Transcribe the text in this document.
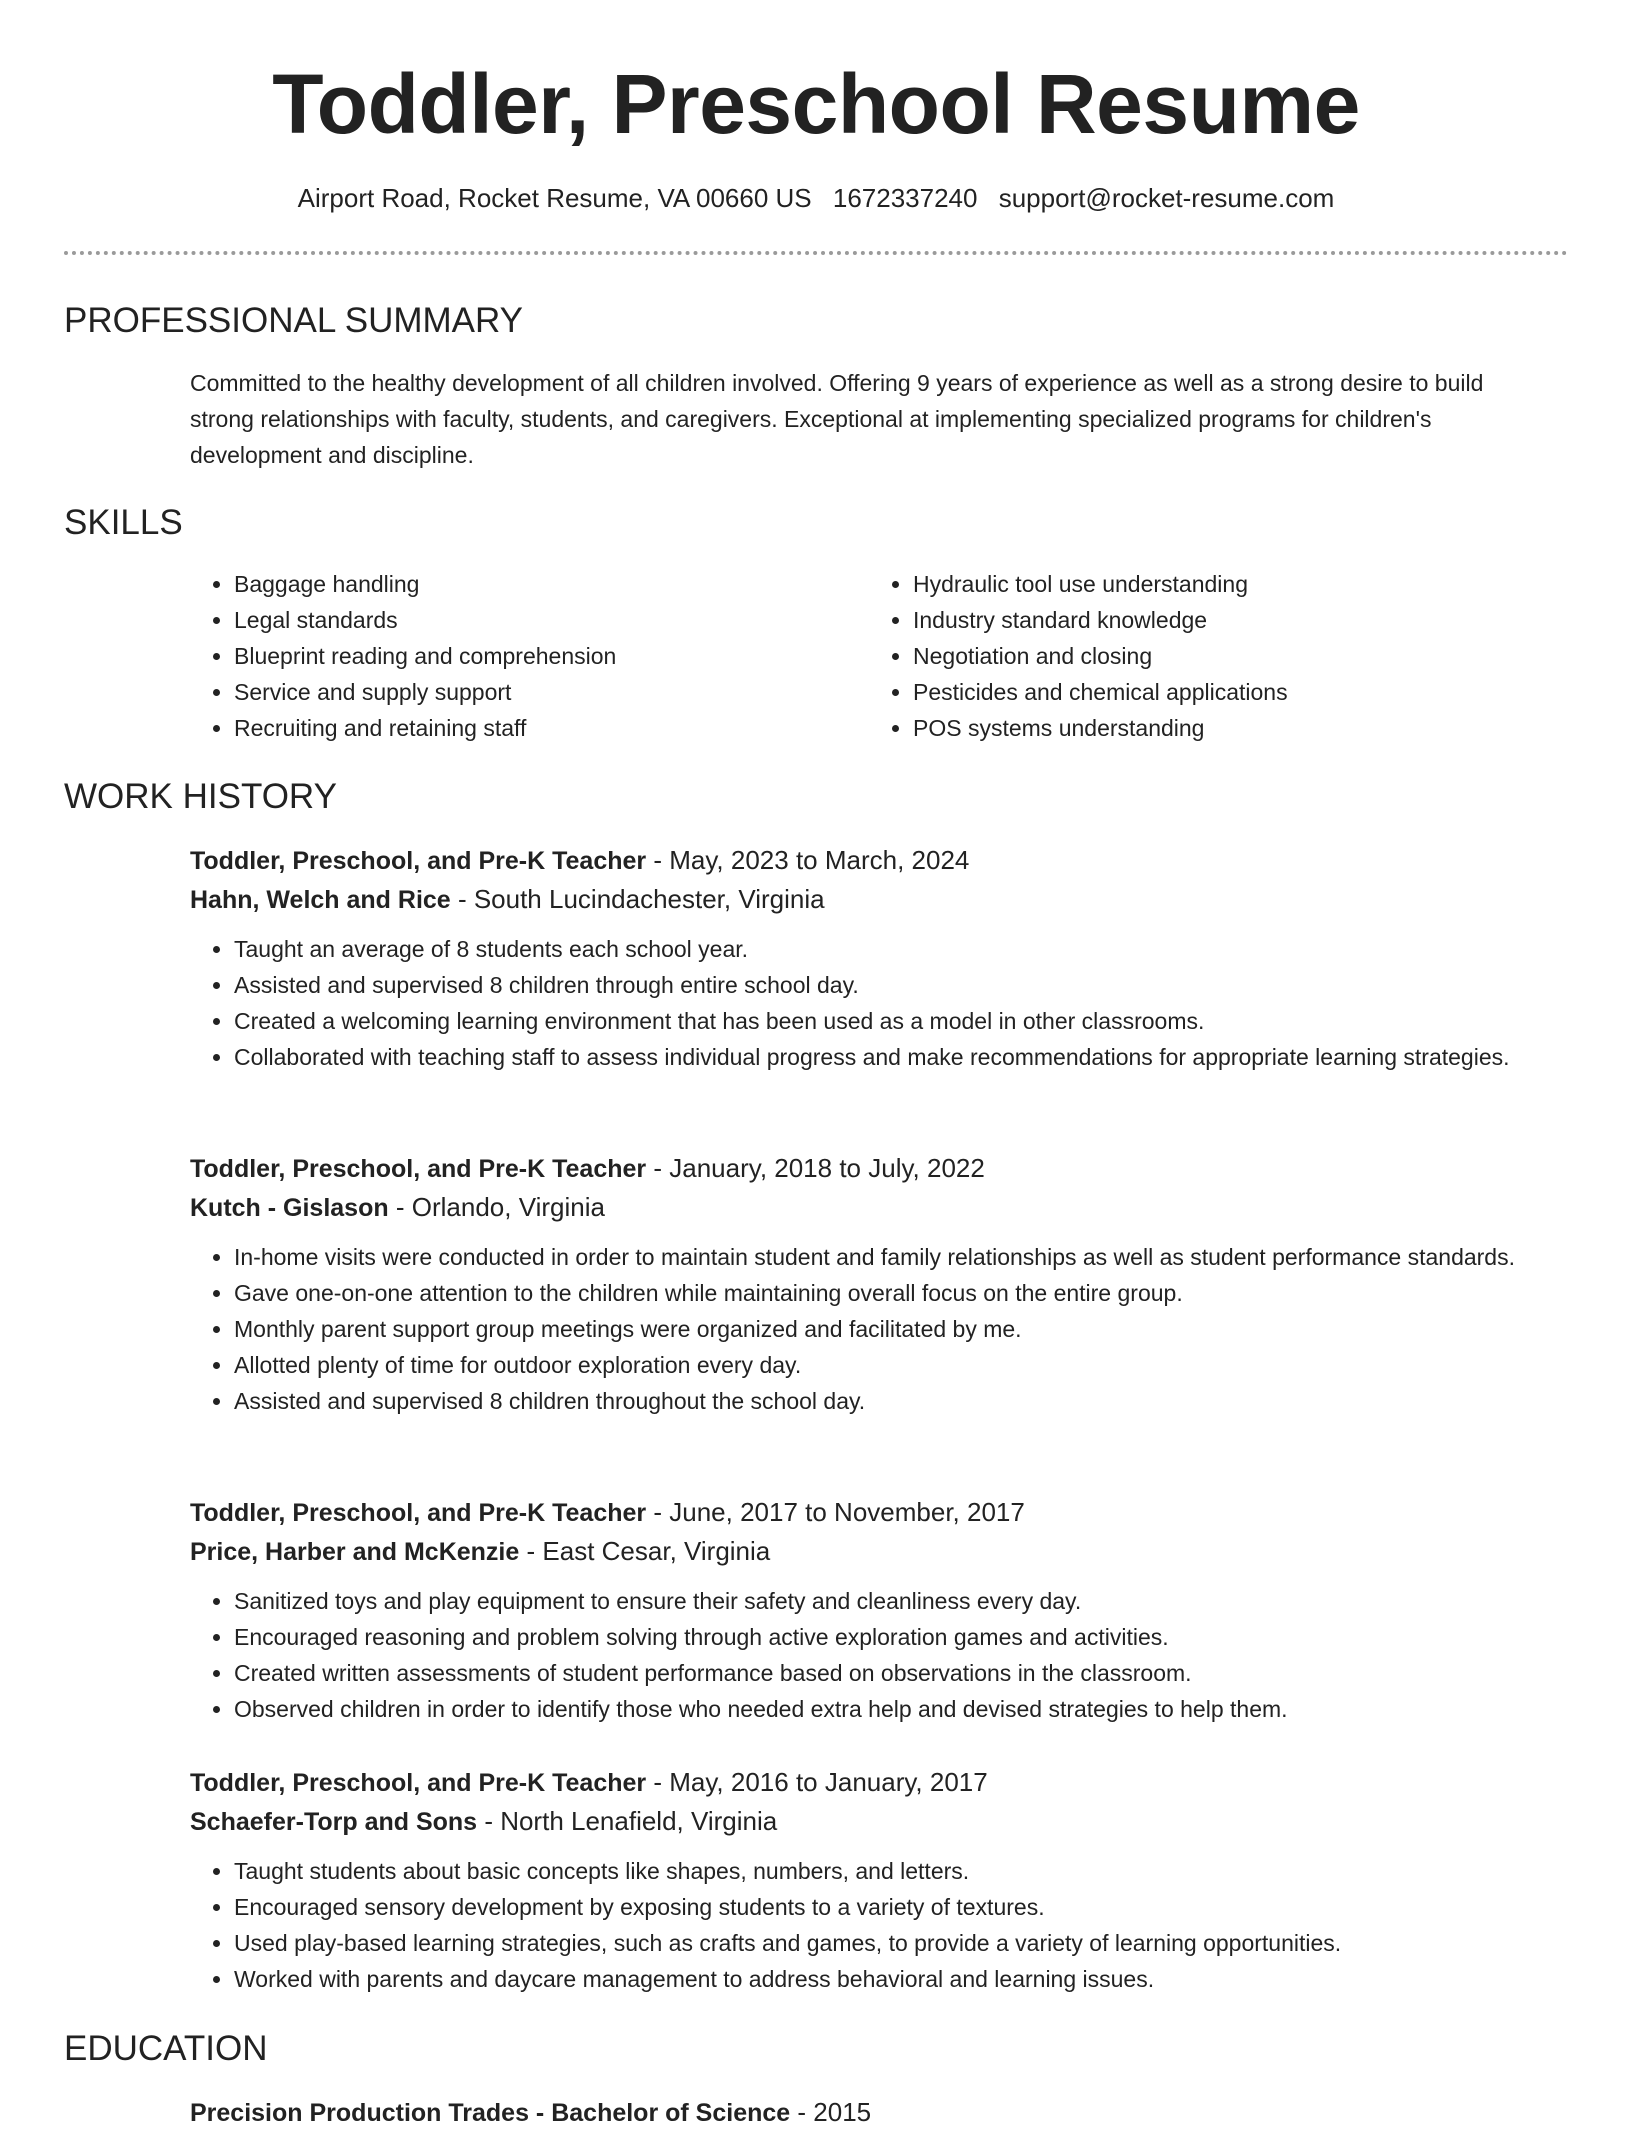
Toddler, Preschool Resume
Airport Road, Rocket Resume, VA 00660 US 1672337240 support@rocket-resume.com
PROFESSIONAL SUMMARY

Committed to the healthy development of all children involved. Offering 9 years of experience as well as a strong desire to build strong relationships with faculty, students, and caregivers. Exceptional at implementing specialized programs for children's development and discipline.

SKILLS
• Baggage handling
• Legal standards
• Blueprint reading and comprehension
• Service and supply support
• Recruiting and retaining staff
• Hydraulic tool use understanding
• Industry standard knowledge
• Negotiation and closing
• Pesticides and chemical applications
• POS systems understanding
WORK HISTORY
Toddler, Preschool, and Pre-K Teacher - May, 2023 to March, 2024
Hahn, Welch and Rice - South Lucindachester, Virginia
• Taught an average of 8 students each school year.
• Assisted and supervised 8 children through entire school day.
• Created a welcoming learning environment that has been used as a model in other classrooms.
• Collaborated with teaching staff to assess individual progress and make recommendations for appropriate learning strategies.
Toddler, Preschool, and Pre-K Teacher - January, 2018 to July, 2022
Kutch - Gislason - Orlando, Virginia
• In-home visits were conducted in order to maintain student and family relationships as well as student performance standards.
• Gave one-on-one attention to the children while maintaining overall focus on the entire group.
• Monthly parent support group meetings were organized and facilitated by me.
• Allotted plenty of time for outdoor exploration every day.
• Assisted and supervised 8 children throughout the school day.
Toddler, Preschool, and Pre-K Teacher - June, 2017 to November, 2017
Price, Harber and McKenzie - East Cesar, Virginia
• Sanitized toys and play equipment to ensure their safety and cleanliness every day.
• Encouraged reasoning and problem solving through active exploration games and activities.
• Created written assessments of student performance based on observations in the classroom.
• Observed children in order to identify those who needed extra help and devised strategies to help them.
Toddler, Preschool, and Pre-K Teacher - May, 2016 to January, 2017
Schaefer-Torp and Sons - North Lenafield, Virginia
• Taught students about basic concepts like shapes, numbers, and letters.
• Encouraged sensory development by exposing students to a variety of textures.
• Used play-based learning strategies, such as crafts and games, to provide a variety of learning opportunities.
• Worked with parents and daycare management to address behavioral and learning issues.
EDUCATION
Precision Production Trades - Bachelor of Science - 2015
